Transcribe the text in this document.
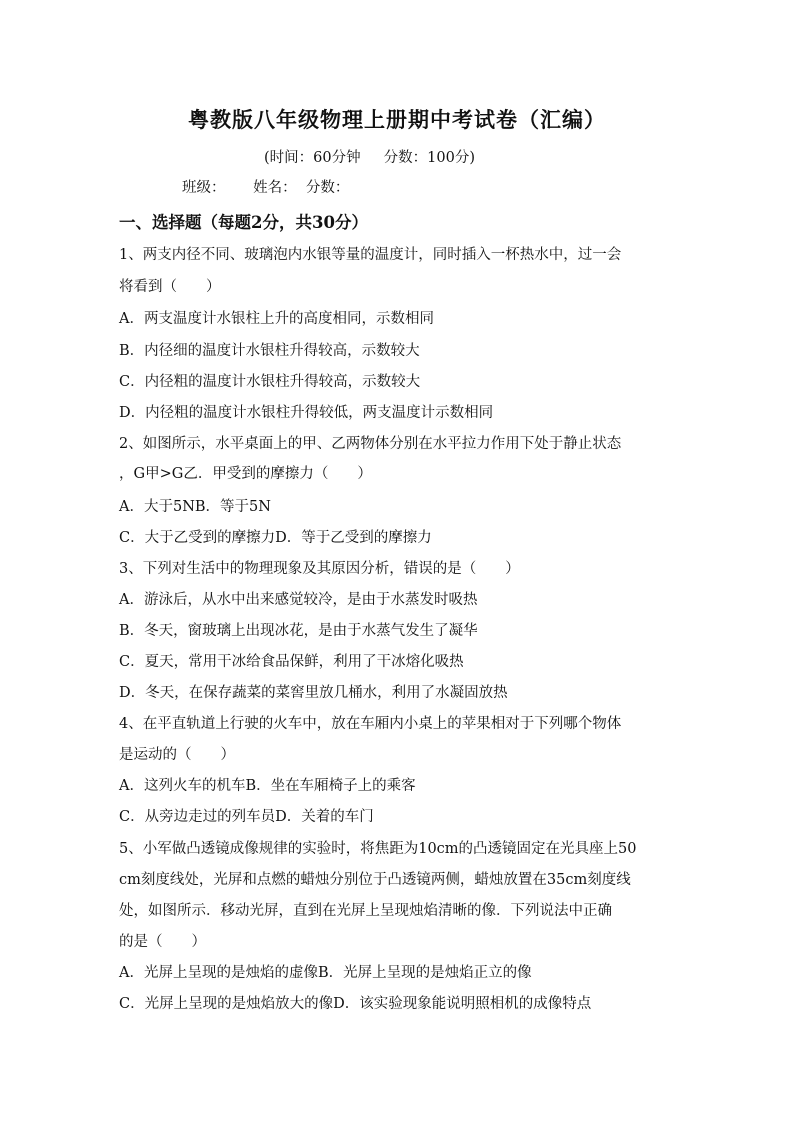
粤教版八年级物理上册期中考试卷（汇编）
(时间：60分钟 分数：100分)
班级： 姓名： 分数：
一、选择题（每题2分，共30分）
1、两支内径不同、玻璃泡内水银等量的温度计，同时插入一杯热水中，过一会
将看到（　　）
A．两支温度计水银柱上升的高度相同，示数相同
B．内径细的温度计水银柱升得较高，示数较大
C．内径粗的温度计水银柱升得较高，示数较大
D．内径粗的温度计水银柱升得较低，两支温度计示数相同
2、如图所示，水平桌面上的甲、乙两物体分别在水平拉力作用下处于静止状态
，G甲>G乙．甲受到的摩擦力（　　）
A．大于5NB．等于5N
C．大于乙受到的摩擦力D．等于乙受到的摩擦力
3、下列对生活中的物理现象及其原因分析，错误的是（　　）
A．游泳后，从水中出来感觉较冷，是由于水蒸发时吸热
B．冬天，窗玻璃上出现冰花，是由于水蒸气发生了凝华
C．夏天，常用干冰给食品保鲜，利用了干冰熔化吸热
D．冬天，在保存蔬菜的菜窖里放几桶水，利用了水凝固放热
4、在平直轨道上行驶的火车中，放在车厢内小桌上的苹果相对于下列哪个物体
是运动的（　　）
A．这列火车的机车B．坐在车厢椅子上的乘客
C．从旁边走过的列车员D．关着的车门
5、小军做凸透镜成像规律的实验时，将焦距为10cm的凸透镜固定在光具座上50
cm刻度线处，光屏和点燃的蜡烛分别位于凸透镜两侧，蜡烛放置在35cm刻度线
处，如图所示．移动光屏，直到在光屏上呈现烛焰清晰的像．下列说法中正确
的是（　　）
A．光屏上呈现的是烛焰的虚像B．光屏上呈现的是烛焰正立的像
C．光屏上呈现的是烛焰放大的像D．该实验现象能说明照相机的成像特点
